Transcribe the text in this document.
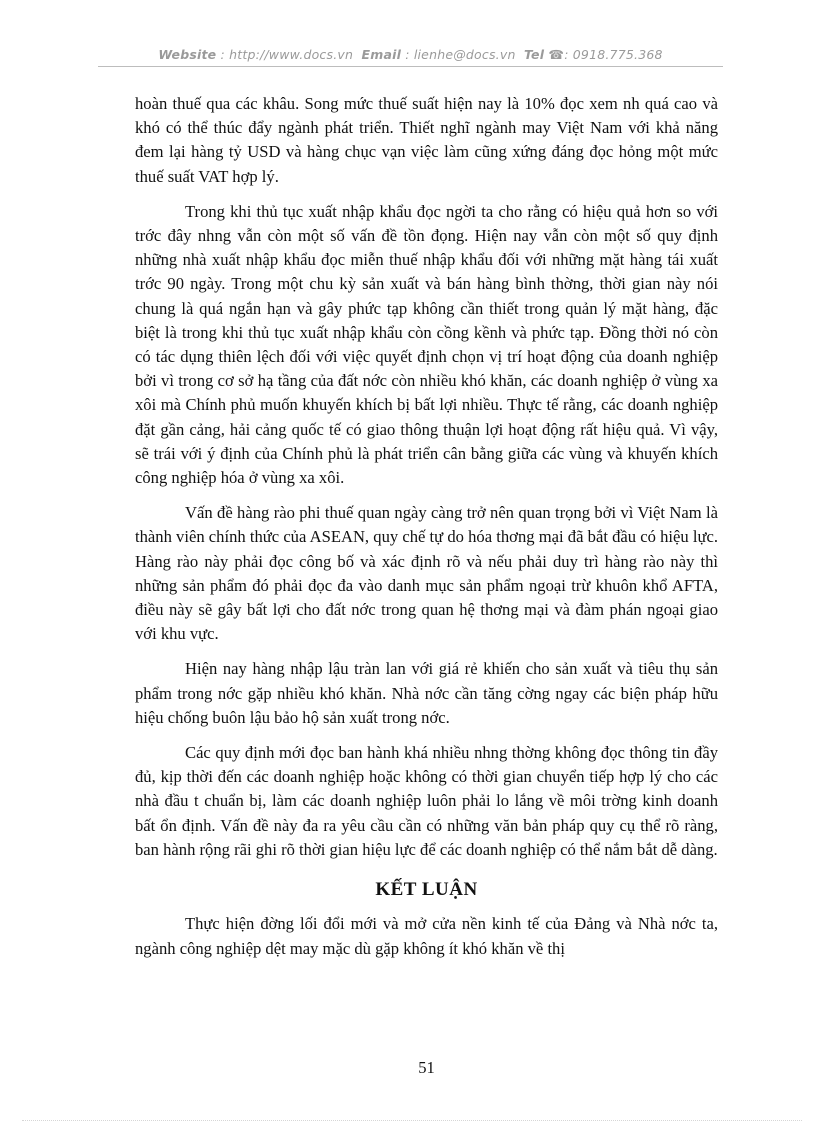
Website : http://www.docs.vn Email : lienhe@docs.vn Tel ☎: 0918.775.368

hoàn thuế qua các khâu. Song mức thuế suất hiện nay là 10% đọc xem nh quá cao và khó có thể thúc đẩy ngành phát triển. Thiết nghĩ ngành may Việt Nam với khả năng đem lại hàng tỷ USD và hàng chục vạn việc làm cũng xứng đáng đọc hỏng một mức thuế suất VAT hợp lý.

Trong khi thủ tục xuất nhập khẩu đọc ngời ta cho rằng có hiệu quả hơn so với trớc đây nhng vẫn còn một số vấn đề tồn đọng. Hiện nay vẫn còn một số quy định những nhà xuất nhập khẩu đọc miễn thuế nhập khẩu đối với những mặt hàng tái xuất trớc 90 ngày. Trong một chu kỳ sản xuất và bán hàng bình thờng, thời gian này nói chung là quá ngắn hạn và gây phức tạp không cần thiết trong quản lý mặt hàng, đặc biệt là trong khi thủ tục xuất nhập khẩu còn cồng kềnh và phức tạp. Đồng thời nó còn có tác dụng thiên lệch đối với việc quyết định chọn vị trí hoạt động của doanh nghiệp bởi vì trong cơ sở hạ tầng của đất nớc còn nhiều khó khăn, các doanh nghiệp ở vùng xa xôi mà Chính phủ muốn khuyến khích bị bất lợi nhiều. Thực tế rằng, các doanh nghiệp đặt gần cảng, hải cảng quốc tế có giao thông thuận lợi hoạt động rất hiệu quả. Vì vậy, sẽ trái với ý định của Chính phủ là phát triển cân bằng giữa các vùng và khuyến khích công nghiệp hóa ở vùng xa xôi.

Vấn đề hàng rào phi thuế quan ngày càng trở nên quan trọng bởi vì Việt Nam là thành viên chính thức của ASEAN, quy chế tự do hóa thơng mại đã bắt đầu có hiệu lực. Hàng rào này phải đọc công bố và xác định rõ và nếu phải duy trì hàng rào này thì những sản phẩm đó phải đọc đa vào danh mục sản phẩm ngoại trừ khuôn khổ AFTA, điều này sẽ gây bất lợi cho đất nớc trong quan hệ thơng mại và đàm phán ngoại giao với khu vực.

Hiện nay hàng nhập lậu tràn lan với giá rẻ khiến cho sản xuất và tiêu thụ sản phẩm trong nớc gặp nhiều khó khăn. Nhà nớc cần tăng cờng ngay các biện pháp hữu hiệu chống buôn lậu bảo hộ sản xuất trong nớc.

Các quy định mới đọc ban hành khá nhiều nhng thờng không đọc thông tin đầy đủ, kịp thời đến các doanh nghiệp hoặc không có thời gian chuyển tiếp hợp lý cho các nhà đầu t chuẩn bị, làm các doanh nghiệp luôn phải lo lắng về môi trờng kinh doanh bất ổn định. Vấn đề này đa ra yêu cầu cần có những văn bản pháp quy cụ thể rõ ràng, ban hành rộng rãi ghi rõ thời gian hiệu lực để các doanh nghiệp có thể nắm bắt dễ dàng.

KẾT LUẬN

Thực hiện đờng lối đổi mới và mở cửa nền kinh tế của Đảng và Nhà nớc ta, ngành công nghiệp dệt may mặc dù gặp không ít khó khăn về thị

51
